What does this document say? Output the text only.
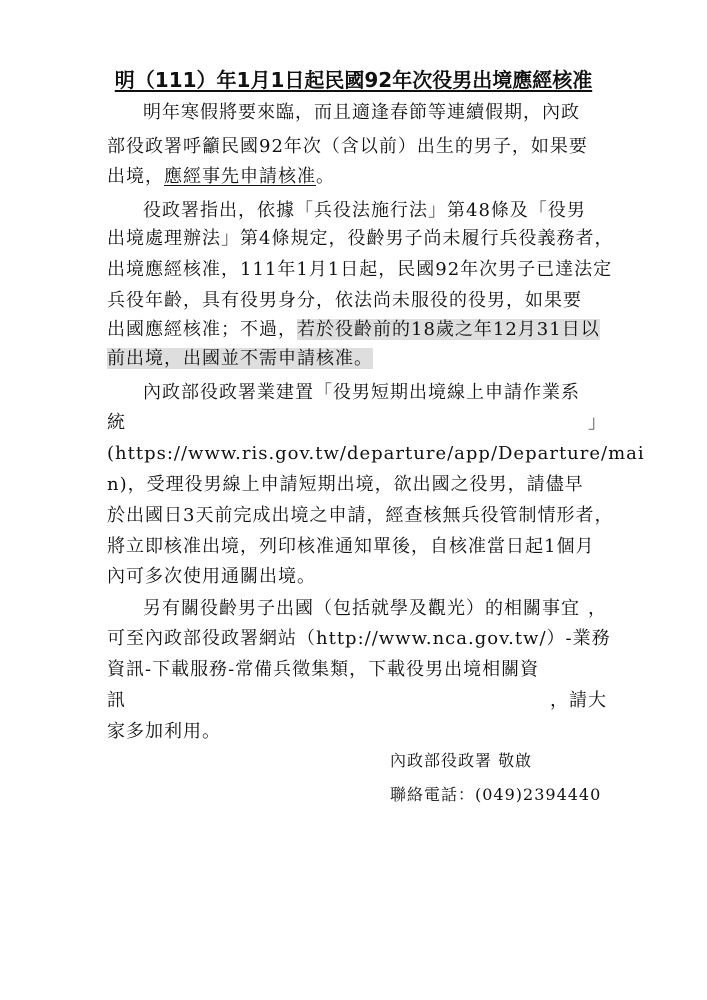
明（111）年1月1日起民國92年次役男出境應經核准
明年寒假將要來臨，而且適逢春節等連續假期，內政
部役政署呼籲民國92年次（含以前）出生的男子，如果要
出境，應經事先申請核准。
役政署指出，依據「兵役法施行法」第48條及「役男
出境處理辦法」第4條規定，役齡男子尚未履行兵役義務者，
出境應經核准，111年1月1日起，民國92年次男子已達法定
兵役年齡，具有役男身分，依法尚未服役的役男，如果要
出國應經核准；不過，若於役齡前的18歲之年12月31日以
前出境，出國並不需申請核准。
內政部役政署業建置「役男短期出境線上申請作業系
統	」
(https://www.ris.gov.tw/departure/app/Departure/mai
n)，受理役男線上申請短期出境，欲出國之役男，請儘早
於出國日3天前完成出境之申請，經查核無兵役管制情形者，
將立即核准出境，列印核准通知單後，自核准當日起1個月
內可多次使用通關出境。
另有關役齡男子出國（包括就學及觀光）的相關事宜 ，
可至內政部役政署網站（http://www.nca.gov.tw/）-業務
資訊-下載服務-常備兵徵集類，下載役男出境相關資
訊	，請大
家多加利用。
內政部役政署 敬啟
聯絡電話：(049)2394440
